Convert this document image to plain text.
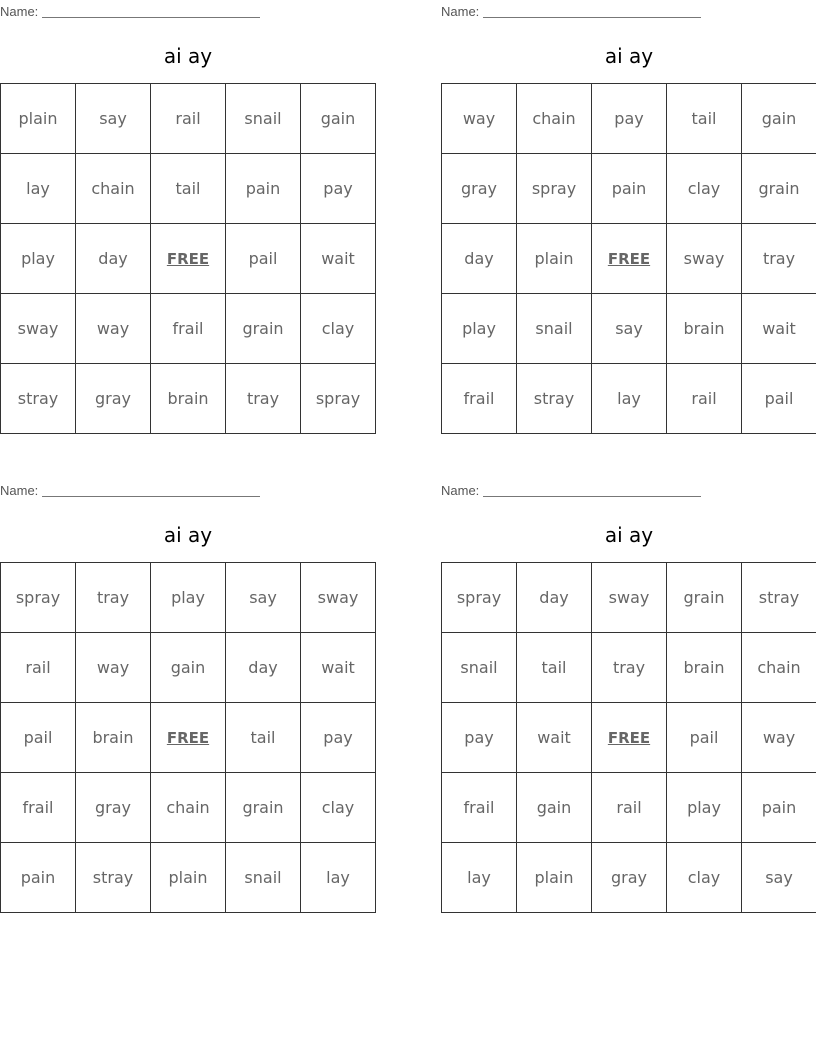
Name:
ai ay
plain	say	rail	snail	gain
lay	chain	tail	pain	pay
play	day	FREE	pail	wait
sway	way	frail	grain	clay
stray	gray	brain	tray	spray
Name:
ai ay
way	chain	pay	tail	gain
gray	spray	pain	clay	grain
day	plain	FREE	sway	tray
play	snail	say	brain	wait
frail	stray	lay	rail	pail
Name:
ai ay
spray	tray	play	say	sway
rail	way	gain	day	wait
pail	brain	FREE	tail	pay
frail	gray	chain	grain	clay
pain	stray	plain	snail	lay
Name:
ai ay
spray	day	sway	grain	stray
snail	tail	tray	brain	chain
pay	wait	FREE	pail	way
frail	gain	rail	play	pain
lay	plain	gray	clay	say
